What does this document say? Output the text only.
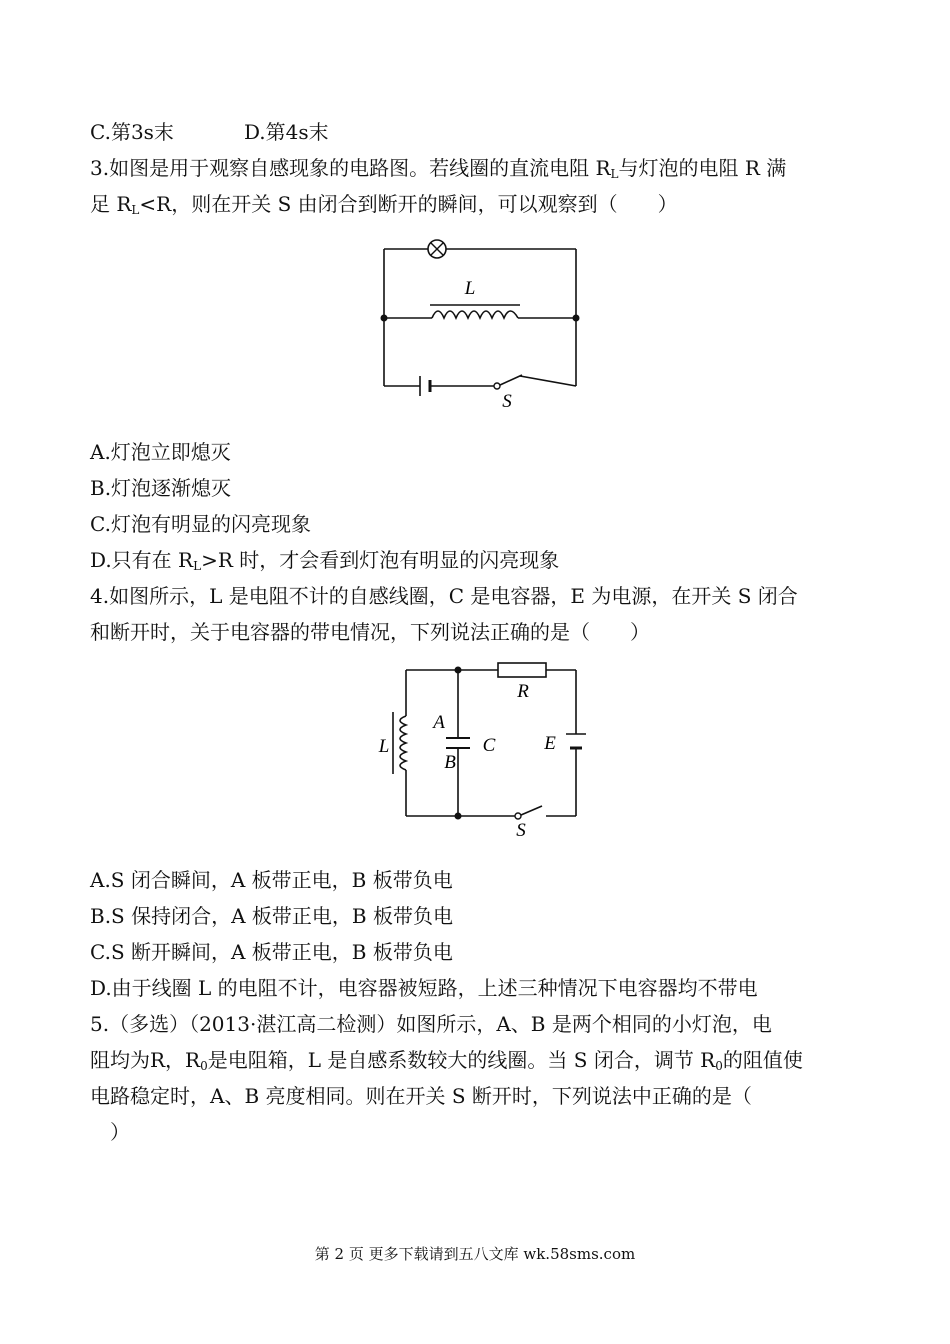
C.第3s末	D.第4s末
3.如图是用于观察自感现象的电路图。若线圈的直流电阻 $R_L$与灯泡的电阻 R 满
足 $R_L<R$，则在开关 S 由闭合到断开的瞬间，可以观察到（　　）
L
S
A.灯泡立即熄灭
B.灯泡逐渐熄灭
C.灯泡有明显的闪亮现象
D.只有在 $R_L>R$ 时，才会看到灯泡有明显的闪亮现象
4.如图所示，L 是电阻不计的自感线圈，C 是电容器，E 为电源，在开关 S 闭合
和断开时，关于电容器的带电情况，下列说法正确的是（　　）
R
L
A
B
C	E
S
A.S 闭合瞬间，A 板带正电，B 板带负电
B.S 保持闭合，A 板带正电，B 板带负电
C.S 断开瞬间，A 板带正电，B 板带负电
D.由于线圈 L 的电阻不计，电容器被短路，上述三种情况下电容器均不带电
5.（多选）（2013·湛江高二检测）如图所示，A、B 是两个相同的小灯泡，电
阻均为R，$R_0$是电阻箱，L 是自感系数较大的线圈。当 S 闭合，调节 $R_0$的阻值使
电路稳定时，A、B 亮度相同。则在开关 S 断开时，下列说法中正确的是（
　）
第 2 页 更多下载请到五八文库 wk.58sms.com
